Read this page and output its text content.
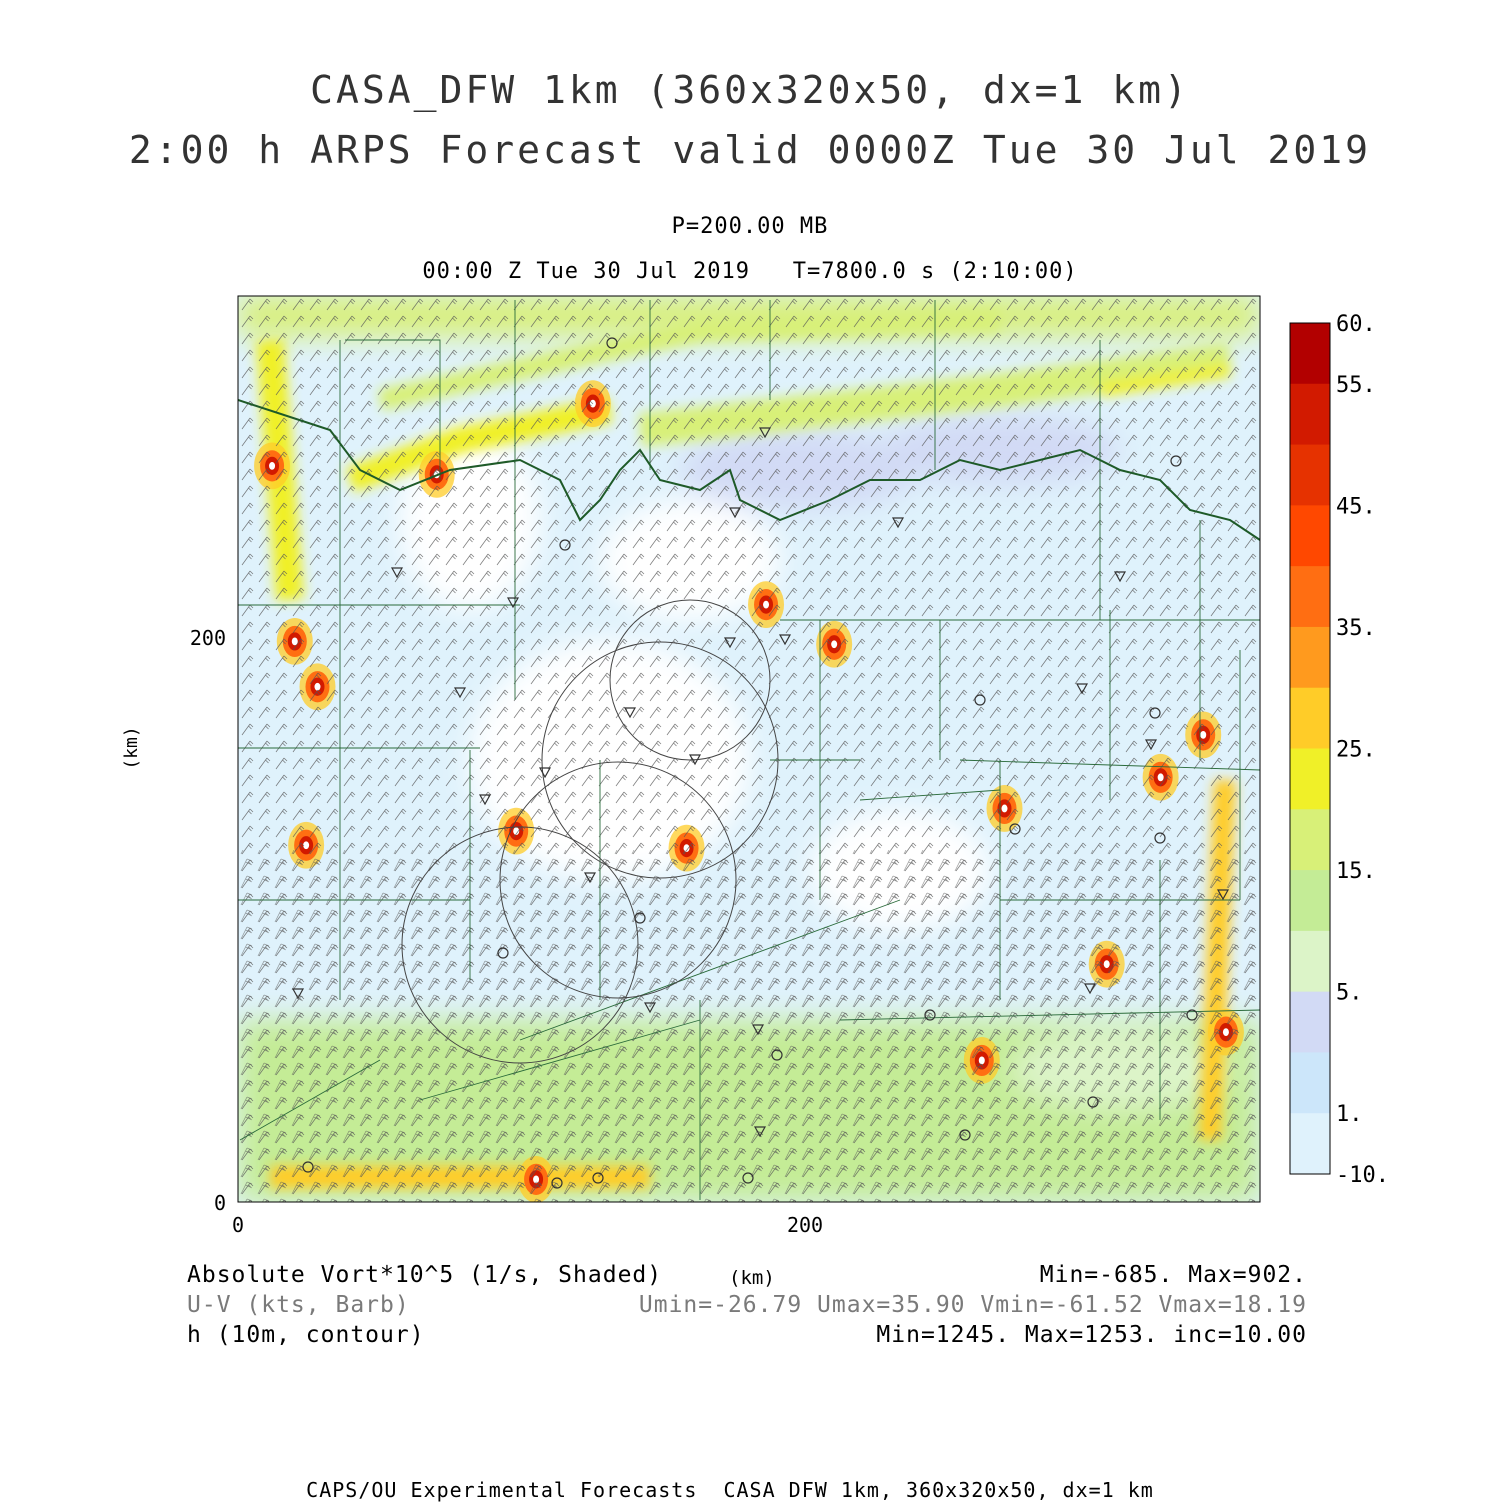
CASA_DFW 1km (360x320x50, dx=1 km)
2:00 h ARPS Forecast valid 0000Z Tue 30 Jul 2019
P=200.00 MB
00:00 Z Tue 30 Jul 2019   T=7800.0 s (2:10:00)
200
0
0	200
(km)
60.
55.
45.
35.
25.
15.
5.
1.
-10.
Absolute Vort*10^5 (1/s, Shaded)
U-V (kts, Barb)
h (10m, contour)
(km)	Min=-685. Max=902.
Umin=-26.79 Umax=35.90 Vmin=-61.52 Vmax=18.19
Min=1245. Max=1253. inc=10.00
CAPS/OU Experimental Forecasts  CASA DFW 1km, 360x320x50, dx=1 km
